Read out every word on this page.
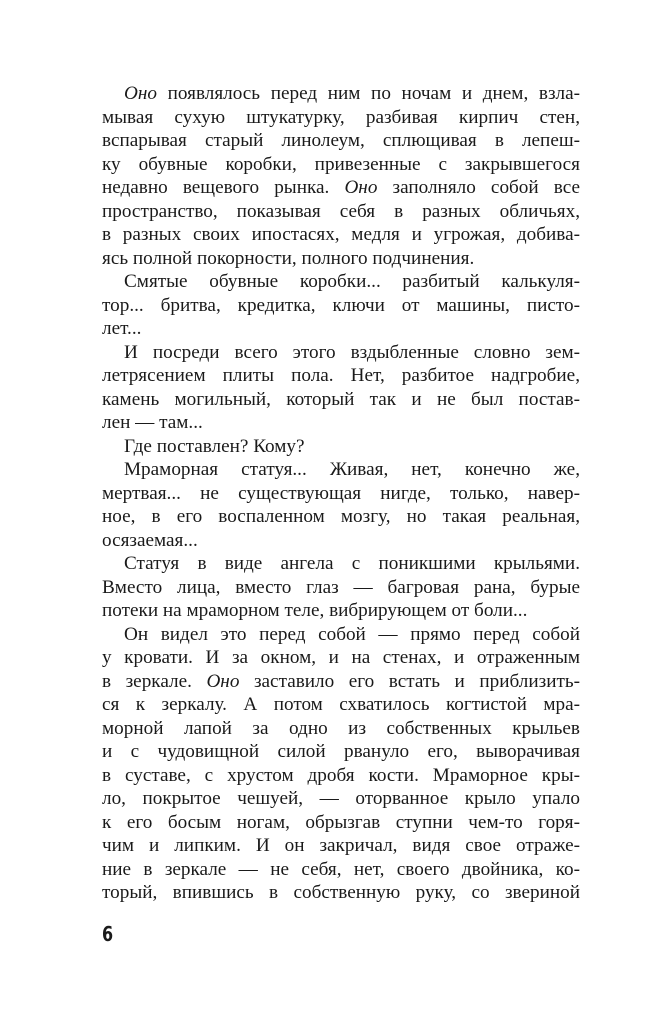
Оно появлялось перед ним по ночам и днем, взла-
мывая сухую штукатурку, разбивая кирпич стен,
вспарывая старый линолеум, сплющивая в лепеш-
ку обувные коробки, привезенные с закрывшегося
недавно вещевого рынка. Оно заполняло собой все
пространство, показывая себя в разных обличьях,
в разных своих ипостасях, медля и угрожая, добива-
ясь полной покорности, полного подчинения.
Смятые обувные коробки... разбитый калькуля-
тор... бритва, кредитка, ключи от машины, писто-
лет...
И посреди всего этого вздыбленные словно зем-
летрясением плиты пола. Нет, разбитое надгробие,
камень могильный, который так и не был постав-
лен — там...
Где поставлен? Кому?
Мраморная статуя... Живая, нет, конечно же,
мертвая... не существующая нигде, только, навер-
ное, в его воспаленном мозгу, но такая реальная,
осязаемая...
Статуя в виде ангела с поникшими крыльями.
Вместо лица, вместо глаз — багровая рана, бурые
потеки на мраморном теле, вибрирующем от боли...
Он видел это перед собой — прямо перед собой
у кровати. И за окном, и на стенах, и отраженным
в зеркале. Оно заставило его встать и приблизить-
ся к зеркалу. А потом схватилось когтистой мра-
морной лапой за одно из собственных крыльев
и с чудовищной силой рвануло его, выворачивая
в суставе, с хрустом дробя кости. Мраморное кры-
ло, покрытое чешуей, — оторванное крыло упало
к его босым ногам, обрызгав ступни чем-то горя-
чим и липким. И он закричал, видя свое отраже-
ние в зеркале — не себя, нет, своего двойника, ко-
торый, впившись в собственную руку, со звериной
6
